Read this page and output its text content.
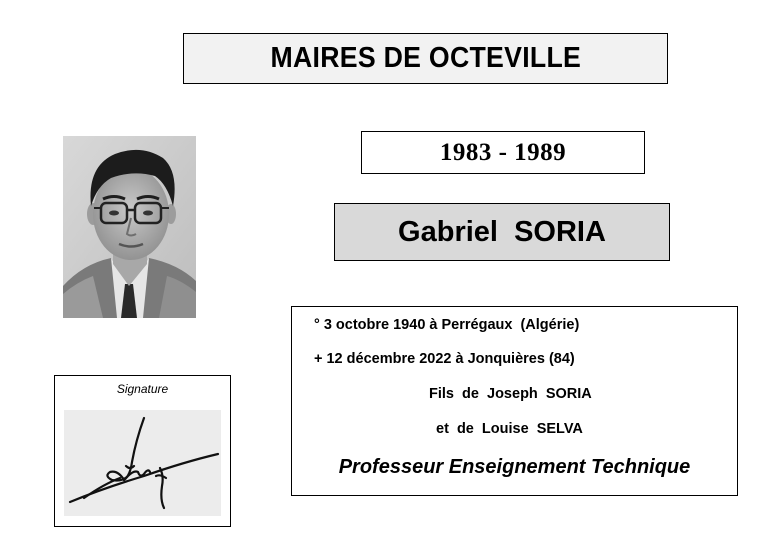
MAIRES DE OCTEVILLE
1983 - 1989
Gabriel  SORIA
Signature
° 3 octobre 1940 à Perrégaux  (Algérie)
+ 12 décembre 2022 à Jonquières (84)
Fils  de  Joseph  SORIA
et  de  Louise  SELVA
Professeur Enseignement Technique
